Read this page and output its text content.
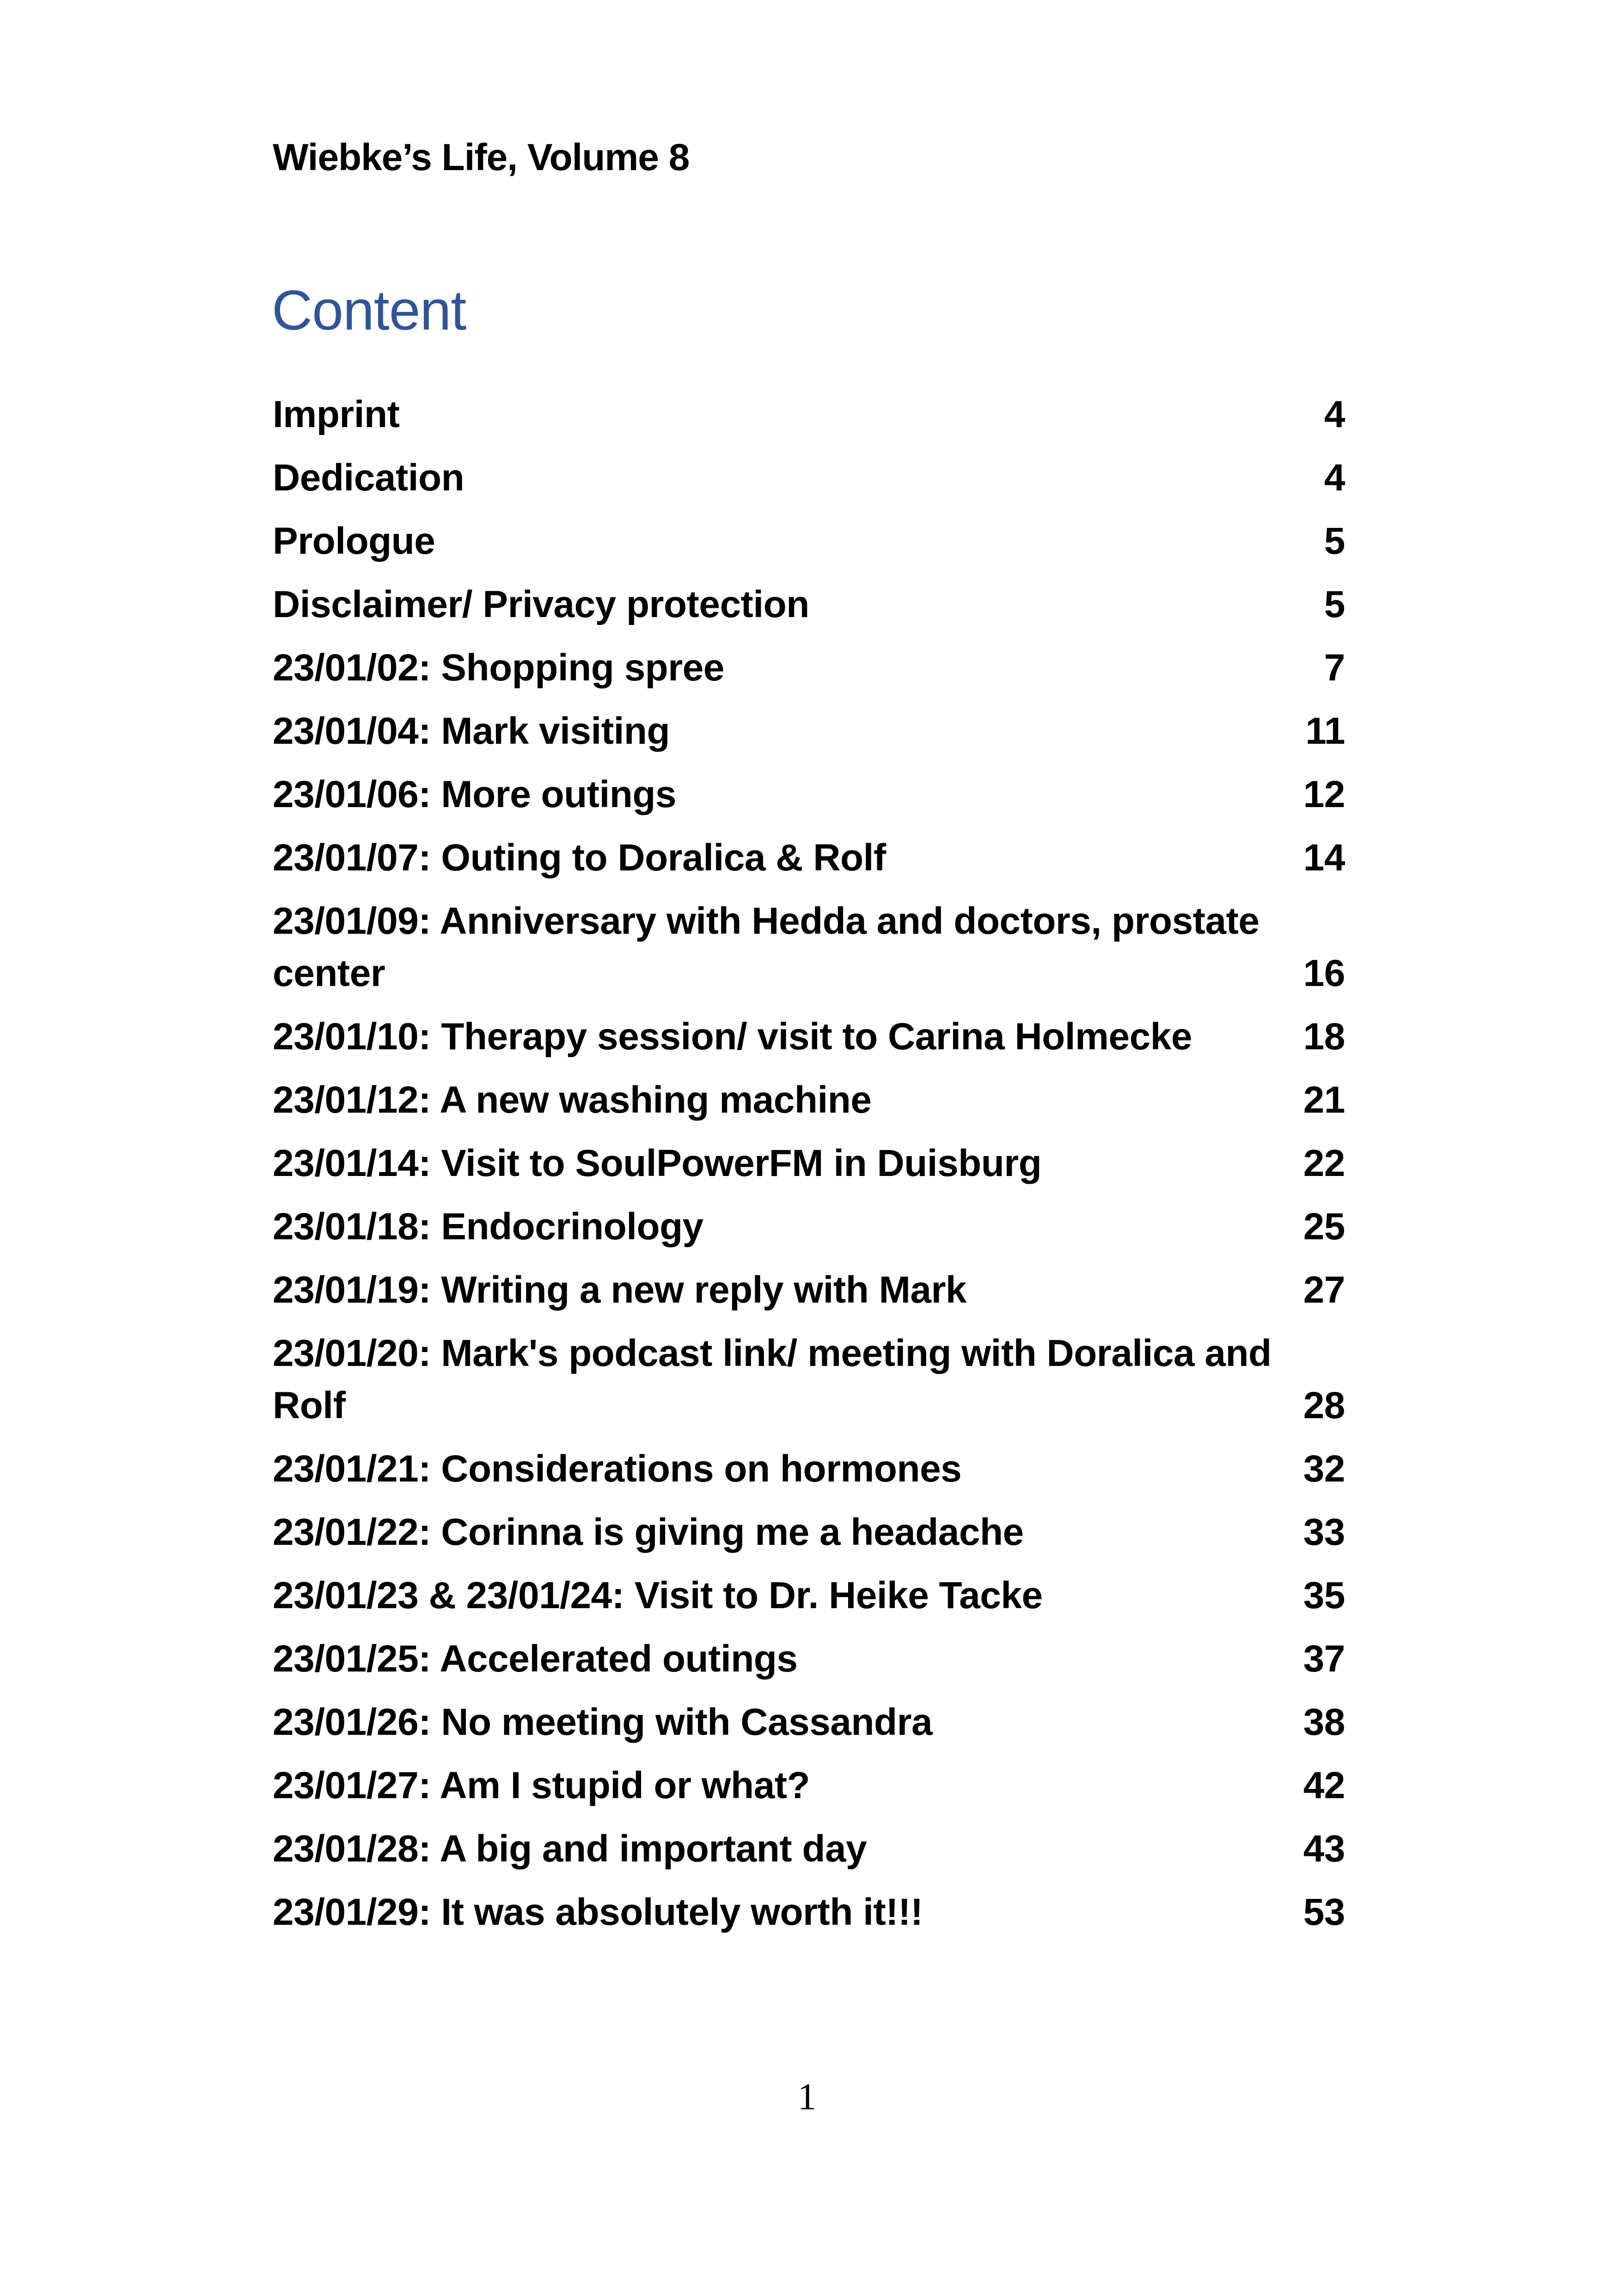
Wiebke’s Life, Volume 8
Content
Imprint	4
Dedication	4
Prologue	5
Disclaimer/ Privacy protection	5
23/01/02: Shopping spree	7
23/01/04: Mark visiting	11
23/01/06: More outings	12
23/01/07: Outing to Doralica & Rolf	14
23/01/09: Anniversary with Hedda and doctors, prostate center	16
23/01/10: Therapy session/ visit to Carina Holmecke	18
23/01/12: A new washing machine	21
23/01/14: Visit to SoulPowerFM in Duisburg	22
23/01/18: Endocrinology	25
23/01/19: Writing a new reply with Mark	27
23/01/20: Mark's podcast link/ meeting with Doralica and Rolf	28
23/01/21: Considerations on hormones	32
23/01/22: Corinna is giving me a headache	33
23/01/23 & 23/01/24: Visit to Dr. Heike Tacke	35
23/01/25: Accelerated outings	37
23/01/26: No meeting with Cassandra	38
23/01/27: Am I stupid or what?	42
23/01/28: A big and important day	43
23/01/29: It was absolutely worth it!!!	53
1
